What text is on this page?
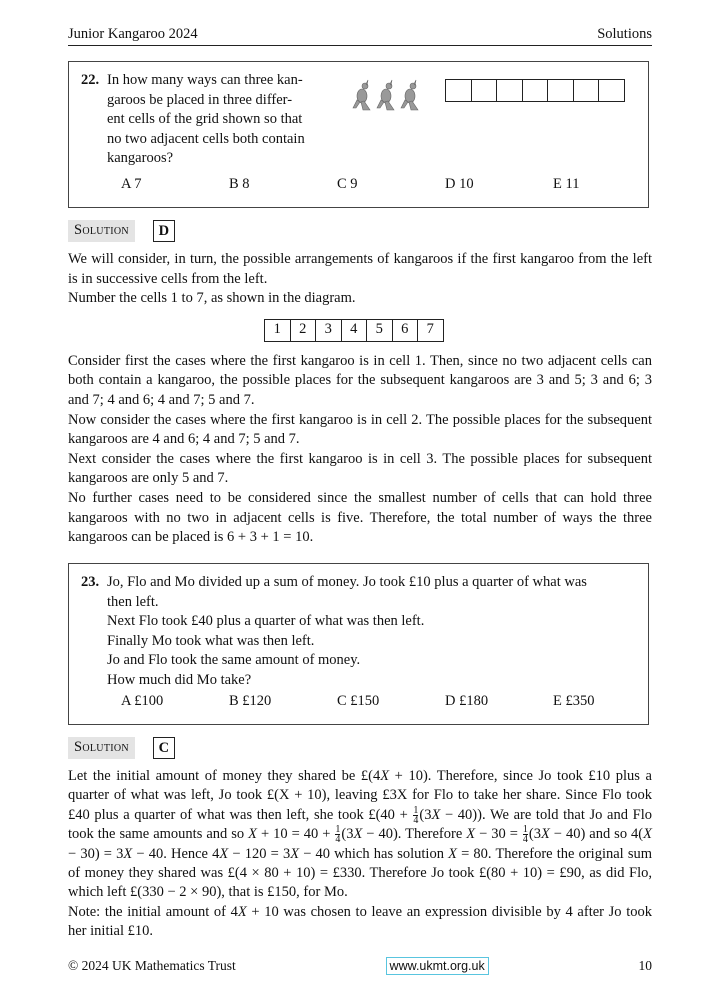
Junior Kangaroo 2024	Solutions
22. In how many ways can three kan-
garoos be placed in three differ-
ent cells of the grid shown so that
no two adjacent cells both contain
kangaroos?
A 7	B 8	C 9	D 10	E 11
Solution	D

We will consider, in turn, the possible arrangements of kangaroos if the first kangaroo from the left is in successive cells from the left.

Number the cells 1 to 7, as shown in the diagram.

1	2	3	4	5	6	7

Consider first the cases where the first kangaroo is in cell 1. Then, since no two adjacent cells can both contain a kangaroo, the possible places for the subsequent kangaroos are 3 and 5; 3 and 6; 3 and 7; 4 and 6; 4 and 7; 5 and 7.

Now consider the cases where the first kangaroo is in cell 2. The possible places for the subsequent kangaroos are 4 and 6; 4 and 7; 5 and 7.

Next consider the cases where the first kangaroo is in cell 3. The possible places for subsequent kangaroos are only 5 and 7.

No further cases need to be considered since the smallest number of cells that can hold three kangaroos with no two in adjacent cells is five. Therefore, the total number of ways the three kangaroos can be placed is 6 + 3 + 1 = 10.

23. Jo, Flo and Mo divided up a sum of money. Jo took £10 plus a quarter of what was
then left.
Next Flo took £40 plus a quarter of what was then left.
Finally Mo took what was then left.
Jo and Flo took the same amount of money.
How much did Mo take?
A £100	B £120	C £150	D £180	E £350
Solution	C

Let the initial amount of money they shared be £(4X + 10). Therefore, since Jo took £10 plus a quarter of what was left, Jo took £(X + 10), leaving £3X for Flo to take her share. Since Flo took £40 plus a quarter of what was then left, she took £(40 + $\frac{1}{4} (3X - 40)$). We are told that Jo and Flo took the same amounts and so $X + 10 = 40 + \frac{1}{4} (3X - 40)$. Therefore $X - 30 = \frac{1}{4} (3X - 40)$ and so 4(X − 30) = 3X − 40. Hence 4X − 120 = 3X − 40 which has solution X = 80. Therefore the original sum of money they shared was £(4 × 80 + 10) = £330. Therefore Jo took £(80 + 10) = £90, as did Flo, which left £(330 − 2 × 90), that is £150, for Mo.

Note: the initial amount of 4X + 10 was chosen to leave an expression divisible by 4 after Jo took her initial £10.

© 2024 UK Mathematics Trust	www.ukmt.org.uk	10
